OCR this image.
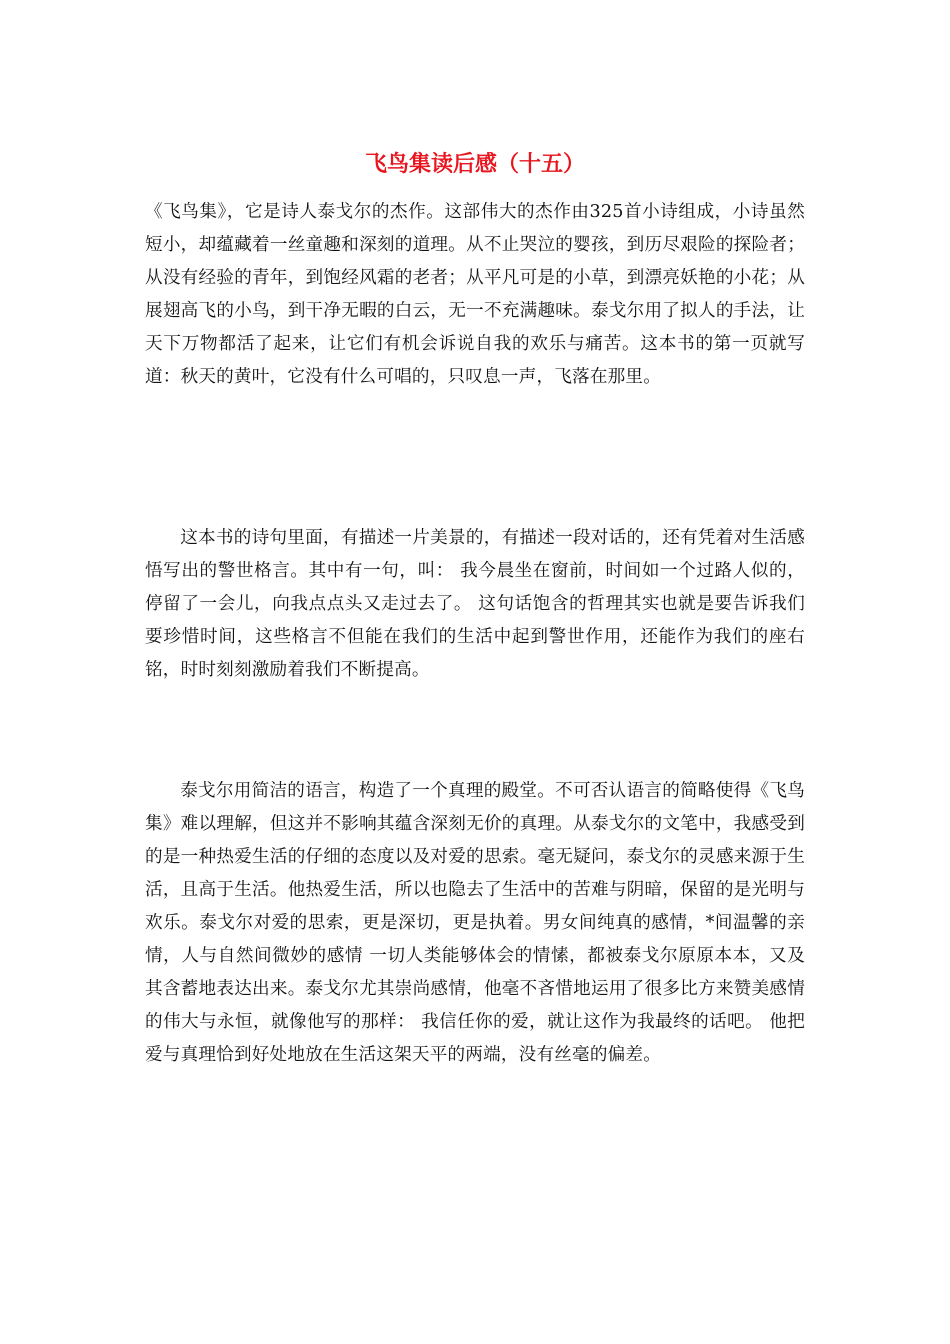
飞鸟集读后感（十五）

《飞鸟集》，它是诗人泰戈尔的杰作。这部伟大的杰作由325首小诗组成，小诗虽然短小，却蕴藏着一丝童趣和深刻的道理。从不止哭泣的婴孩，到历尽艰险的探险者；从没有经验的青年，到饱经风霜的老者；从平凡可是的小草，到漂亮妖艳的小花；从展翅高飞的小鸟，到干净无暇的白云，无一不充满趣味。泰戈尔用了拟人的手法，让天下万物都活了起来，让它们有机会诉说自我的欢乐与痛苦。这本书的第一页就写道：秋天的黄叶，它没有什么可唱的，只叹息一声，飞落在那里。

这本书的诗句里面，有描述一片美景的，有描述一段对话的，还有凭着对生活感悟写出的警世格言。其中有一句，叫： 我今晨坐在窗前，时间如一个过路人似的，停留了一会儿，向我点点头又走过去了。 这句话饱含的哲理其实也就是要告诉我们要珍惜时间，这些格言不但能在我们的生活中起到警世作用，还能作为我们的座右铭，时时刻刻激励着我们不断提高。

泰戈尔用简洁的语言，构造了一个真理的殿堂。不可否认语言的简略使得《飞鸟集》难以理解，但这并不影响其蕴含深刻无价的真理。从泰戈尔的文笔中，我感受到的是一种热爱生活的仔细的态度以及对爱的思索。毫无疑问，泰戈尔的灵感来源于生活，且高于生活。他热爱生活，所以也隐去了生活中的苦难与阴暗，保留的是光明与欢乐。泰戈尔对爱的思索，更是深切，更是执着。男女间纯真的感情，*间温馨的亲情，人与自然间微妙的感情 一切人类能够体会的情愫，都被泰戈尔原原本本，又及其含蓄地表达出来。泰戈尔尤其崇尚感情，他毫不吝惜地运用了很多比方来赞美感情的伟大与永恒，就像他写的那样： 我信任你的爱，就让这作为我最终的话吧。 他把爱与真理恰到好处地放在生活这架天平的两端，没有丝毫的偏差。
